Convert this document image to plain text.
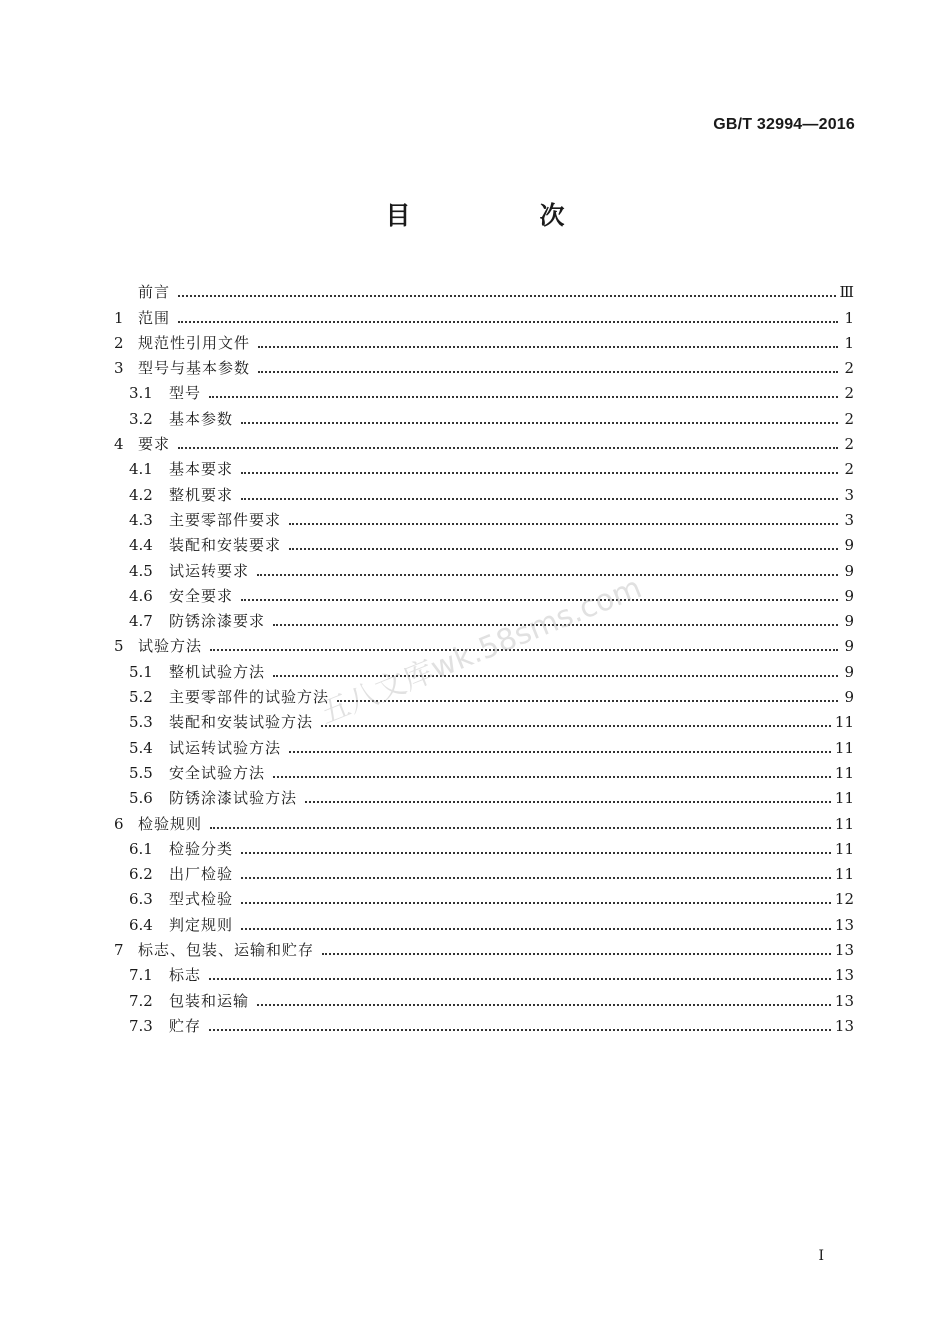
GB/T 32994—2016
目　次
前言	Ⅲ
1 范围	1
2 规范性引用文件	1
3 型号与基本参数	2
3.1	型号	2
3.2	基本参数	2
4 要求	2
4.1	基本要求	2
4.2	整机要求	3
4.3	主要零部件要求	3
4.4	装配和安装要求	9
4.5	试运转要求	9
4.6	安全要求	9
4.7	防锈涂漆要求	9
5 试验方法	9
5.1	整机试验方法	9
5.2	主要零部件的试验方法	9
5.3	装配和安装试验方法	11
5.4	试运转试验方法	11
5.5	安全试验方法	11
5.6	防锈涂漆试验方法	11
6 检验规则	11
6.1	检验分类	11
6.2	出厂检验	11
6.3	型式检验	12
6.4	判定规则	13
7 标志、包装、运输和贮存	13
7.1	标志	13
7.2	包装和运输	13
7.3	贮存	13
五八文库wk.58sms.com
I
